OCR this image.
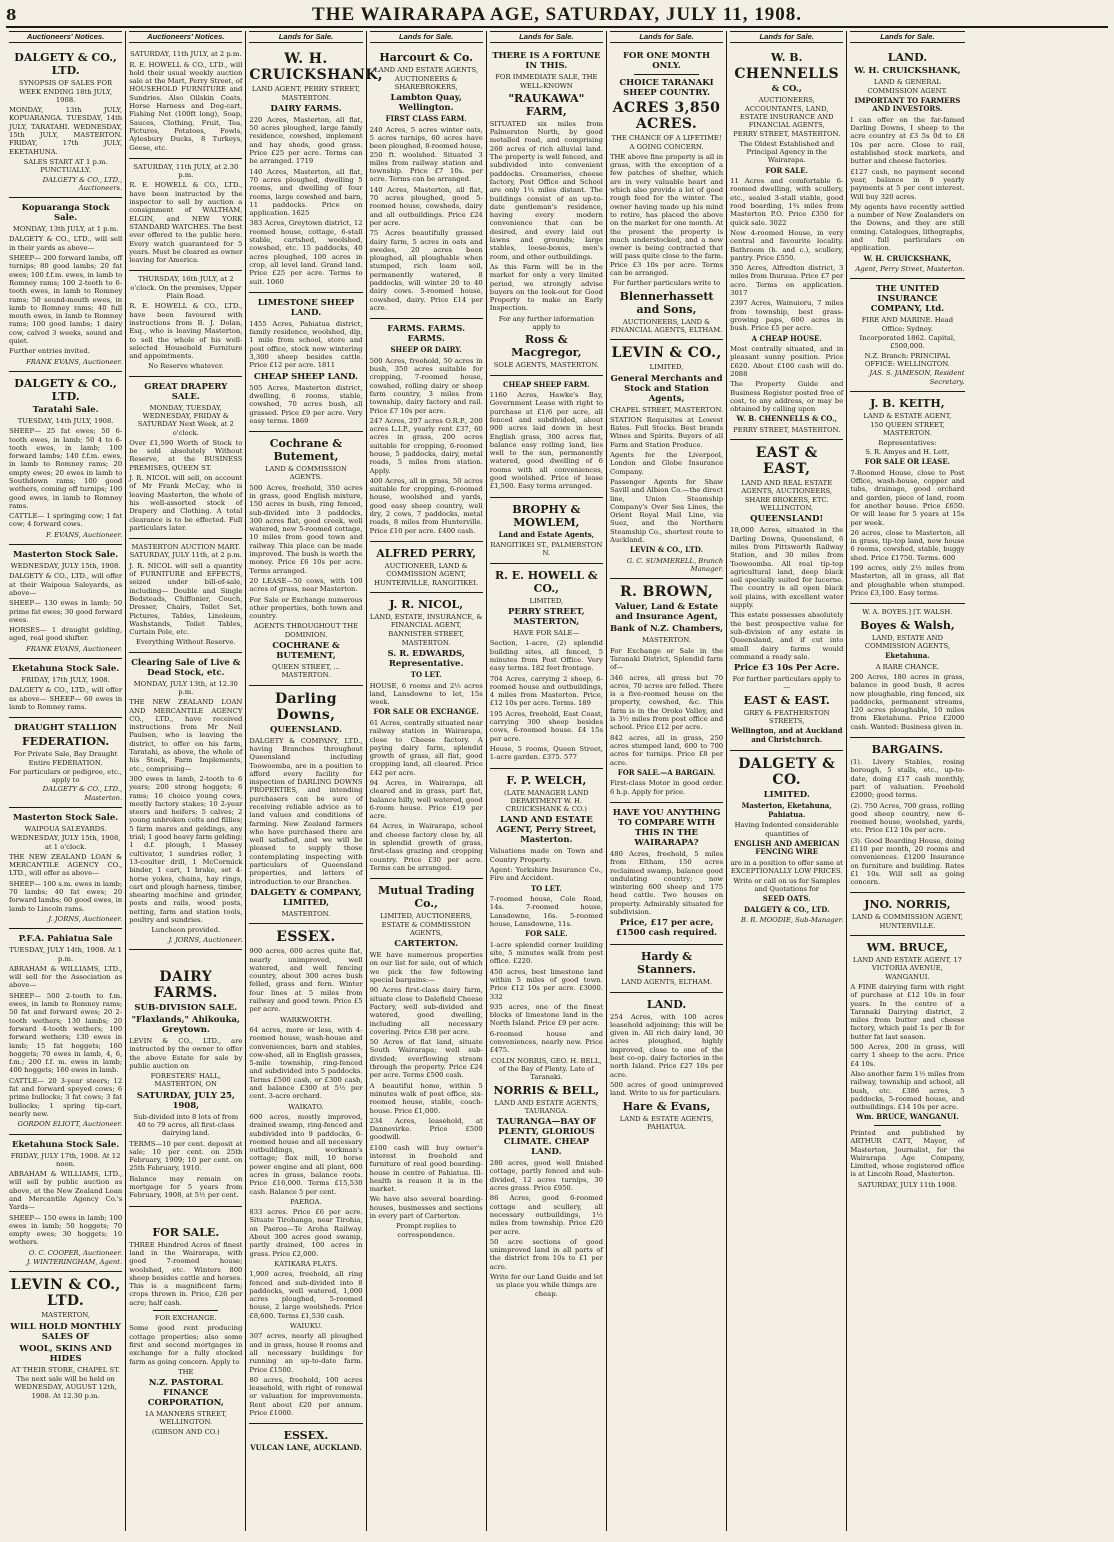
8	THE WAIRARAPA AGE, SATURDAY, JULY 11, 1908.
Auctioneers' Notices.
DALGETY & CO., LTD.
SYNOPSIS OF SALES FOR WEEK ENDING 18th JULY, 1908.
MONDAY, 13th JULY, KOPUARANGA. TUESDAY, 14th JULY, TARATAHI. WEDNESDAY, 15th JULY, MASTERTON. FRIDAY, 17th JULY, EKETAHUNA.
SALES START AT 1 p.m. PUNCTUALLY.
DALGETY & CO., LTD., Auctioneers.
Kopuaranga Stock Sale.
MONDAY, 13th JULY, at 1 p.m.
DALGETY & CO., LTD., will sell in their yards as above—
SHEEP— 200 forward lambs, off turnips; 80 good lambs; 20 fat ewes; 100 f.f.m. ewes, in lamb to Romney rams; 100 2-tooth to 6-tooth ewes, in lamb to Romney rams; 50 sound-mouth ewes, in lamb to Romney rams; 40 full mouth ewes, in lamb to Romney rams; 100 good lambs; 1 dairy cow, calved 3 weeks, sound and quiet.
Further entries invited.
FRANK EVANS, Auctioneer.
DALGETY & CO., LTD.
Taratahi Sale.
TUESDAY, 14th JULY, 1908.
SHEEP— 25 fat ewes; 50 6-tooth ewes, in lamb; 50 4 to 6-tooth ewes, in lamb; 100 forward lambs; 140 f.f.m. ewes, in lamb to Romney rams; 20 empty ewes; 20 ewes in lamb to Southdown rams; 100 good wethers, coming off turnips; 100 good ewes, in lamb to Romney rams.
CATTLE— 1 springing cow; 1 fat cow; 4 forward cows.
F. EVANS, Auctioneer.
Masterton Stock Sale.
WEDNESDAY, JULY 15th, 1908.
DALGETY & CO., LTD., will offer at their Waipoua Saleyards, as above—
SHEEP— 130 ewes in lamb; 50 prime fat ewes; 30 good forward ewes.
HORSES— 1 draught gelding, aged, real good shifter.
FRANK EVANS, Auctioneer.
Eketahuna Stock Sale.
FRIDAY, 17th JULY, 1908.
DALGETY & CO., LTD., will offer as above— SHEEP— 60 ewes in lamb to Romney rams.
DRAUGHT STALLION
FEDERATION.
For Private Sale, Bay Draught Entire FEDERATION.
For particulars or pedigree, etc., apply to
DALGETY & CO., LTD., Masterton.
Masterton Stock Sale.
WAIPOUA SALEYARDS.
WEDNESDAY, JULY 15th, 1908, at 1 o'clock.
THE NEW ZEALAND LOAN & MERCANTILE AGENCY CO., LTD., will offer as above—
SHEEP— 100 s.m. ewes in lamb; 70 lambs; 40 fat ewes; 20 forward lambs; 60 good ewes, in lamb to Lincoln rams.
J. JORNS, Auctioneer.
P.F.A. Pahiatua Sale
TUESDAY, JULY 14th, 1908. At 1 p.m.
ABRAHAM & WILLIAMS, LTD., will sell for the Association as above—
SHEEP— 500 2-tooth to f.m. ewes, in lamb to Romney rams; 50 fat and forward ewes; 20 2-tooth wethers; 130 lambs; 20 forward 4-tooth wethers; 100 forward wethers; 130 ewes in lamb; 15 fat hoggets; 160 hoggets; 70 ewes in lamb, 4, 6, f.m.; 200 f.f. m. ewes in lamb; 400 hoggets; 160 ewes in lamb.
CATTLE— 20 3-year steers; 12 fat and forward speyed cows; 6 prime bullocks; 3 fat cows; 3 fat bullocks; 1 spring tip-cart, nearly new.
GORDON ELIOTT, Auctioneer.
Eketahuna Stock Sale.
FRIDAY, JULY 17th, 1908. At 12 noon.
ABRAHAM & WILLIAMS, LTD., will sell by public auction as above, at the New Zealand Loan and Mercantile Agency Co.'s Yards—
SHEEP— 150 ewes in lamb; 100 ewes in lamb; 50 hoggets; 70 empty ewes; 30 hoggets; 10 wethers.
O. C. COOPER, Auctioneer.
J. WINTERINGHAM, Agent.
LEVIN & CO., LTD.
MASTERTON,
WILL HOLD MONTHLY SALES OF
WOOL, SKINS AND HIDES
AT THEIR STORE, CHAPEL ST.
The next sale will be held on WEDNESDAY, AUGUST 12th, 1908. At 12.30 p.m.
Auctioneers' Notices.
SATURDAY, 11th JULY, at 2 p.m.
R. E. HOWELL & CO., LTD., will hold their usual weekly auction sale at the Mart, Perry Street, of HOUSEHOLD FURNITURE and Sundries. Also Oilskin Coats, Horse Harness and Dog-cart, Fishing Net (100ft long), Soap, Sauces, Clothing, Fruit, Tea, Pictures, Potatoes, Fowls, Aylesbury Ducks, 8 Turkeys, Geese, etc.
SATURDAY, 11th JULY, at 2.30 p.m.
R. E. HOWELL & CO., LTD., have been instructed by the inspector to sell by auction a consignment of WALTHAM, ELGIN, and NEW YORK STANDARD WATCHES. The best ever offered to the public here. Every watch guaranteed for 5 years. Must be cleared as owner leaving for America.
THURSDAY, 16th JULY, at 2 o'clock. On the premises, Upper Plain Road.
R. E. HOWELL & CO., LTD., have been favoured with instructions from B. J. Dolan, Esq., who is leaving Masterton, to sell the whole of his well-selected Household Furniture and appointments.
No Reserve whatever.
GREAT DRAPERY SALE.
MONDAY, TUESDAY, WEDNESDAY, FRIDAY & SATURDAY Next Week, at 2 o'clock.
Over £1,590 Worth of Stock to be sold absolutely Without Reserve, at the BUSINESS PREMISES, QUEEN ST.
J. R. NICOL will sell, on account of Mr Frank McCay, who is leaving Masterton, the whole of his well-assorted stock of Drapery and Clothing. A total clearance is to be effected. Full particulars later.
MASTERTON AUCTION MART. SATURDAY, JULY 11th, at 2 p.m.
J. R. NICOL will sell a quantity of FURNITURE and EFFECTS, seized under bill-of-sale, including— Double and Single Bedsteads, Chiffonier, Couch, Dresser, Chairs, Toilet Set, Pictures, Tables, Linoleum, Washstands, Toilet Tables, Curtain Pole, etc.
Everything Without Reserve.
Clearing Sale of Live & Dead Stock, etc.
MONDAY, JULY 13th, at 12.30 p.m.
THE NEW ZEALAND LOAN AND MERCANTILE AGENCY CO., LTD., have received instructions from Mr Neil Paulsen, who is leaving the district, to offer on his farm, Taratahi, as above, the whole of his Stock, Farm Implements, etc., comprising—
300 ewes in lamb, 2-tooth to 6 years; 200 strong hoggets; 6 rams; 16 choice young cows, mostly factory stakes; 10 2-year steers and heifers; 5 calves; 2 young unbroken colts and fillies; 5 farm mares and geldings, any trial; 1 good heavy farm gelding; 1 d.f. plough, 1 Massey cultivator, 1 sundries roller, 1 13-coulter drill, 1 McCormick binder, 1 cart, 1 brake, set 4-horse yokes, chains, hay rings, cart and plough harness, timber, shearing machine and grinder, posts and rails, wood posts, netting, farm and station tools, poultry and sundries.
Luncheon provided.
J. JORNS, Auctioneer.
DAIRY FARMS.
SUB-DIVISION SALE.
"Flaxlands," Ahikouka, Greytown.
LEVIN & CO., LTD., are instructed by the owner to offer the above Estate for sale by public auction on
FORESTERS' HALL, MASTERTON, ON
SATURDAY, JULY 25, 1908,
Sub-divided into 8 lots of from 40 to 79 acres, all first-class dairying land.
TERMS—10 per cent. deposit at sale; 10 per cent. on 25th February, 1909; 10 per cent. on 25th February, 1910.
Balance may remain on mortgage for 5 years from February, 1908, at 5½ per cent.
FOR SALE.
THREE Hundred Acres of finest land in the Wairarapa, with good 7-roomed house; woolshed, etc. Winters 800 sheep besides cattle and horses. This is a magnificent farm; crops thrown in. Price, £26 per acre; half cash.
FOR EXCHANGE.
Some good rent producing cottage properties; also some first and second mortgages in exchange for a fully stocked farm as going concern. Apply to
THE
N.Z. PASTORAL FINANCE CORPORATION,
1A MANNERS STREET, WELLINGTON.
(GIBSON AND CO.)
Lands for Sale.
W. H. CRUICKSHANK,
LAND AGENT, PERRY STREET, MASTERTON.
DAIRY FARMS.
220 Acres, Masterton, all flat, 50 acres ploughed, large family residence, cowshed, implement and hay sheds, good grass. Price £25 per acre. Terms can be arranged. 1719
140 Acres, Masterton, all flat, 70 acres ploughed, dwelling 5 rooms, and dwelling of four rooms, large cowshed and barn, 11 paddocks. Price on application. 1625
383 Acres, Greytown district, 12 roomed house, cottage, 6-stall stable, cartshed, woolshed, cowshed, etc. 15 paddocks, 40 acres ploughed, 100 acres in crop, all level land. Grand land. Price £25 per acre. Terms to suit. 1060
LIMESTONE SHEEP LAND.
1455 Acres, Pahiatua district, family residence, woolshed, dip, 1 mile from school, store and post office, stock now wintering 3,300 sheep besides cattle. Price £12 per acre. 1811
CHEAP SHEEP LAND.
505 Acres, Masterton district, dwelling, 6 rooms, stable, cowshed, 70 acres bush, all grassed. Price £9 per acre. Very easy terms. 1869
Cochrane & Butement,
LAND & COMMISSION AGENTS.
500 Acres, freehold, 350 acres in grass, good English mixture, 150 acres in bush, ring fenced, sub-divided into 3 paddocks, 300 acres flat, good creek, well watered, new 5-roomed cottage, 10 miles from good town and railway. This place can be made improved. The bush is worth the money. Price £6 10s per acre. Terms arranged.
20 LEASE—50 cows, with 100 acres of grass, near Masterton.
For Sale or Exchange numerous other properties, both town and country.
AGENTS THROUGHOUT THE DOMINION.
COCHRANE & BUTEMENT,
QUEEN STREET, ... MASTERTON.
Darling Downs,
QUEENSLAND.
DALGETY & COMPANY, LTD., having Branches throughout Queensland including Toowoomba, are in a position to afford every facility for inspection of DARLING DOWNS PROPERTIES, and intending purchasers can be sure of receiving reliable advice as to land values and conditions of farming. New Zealand farmers who have purchased there are well satisfied, and we will be pleased to supply those contemplating inspecting with particulars of Queensland properties, and letters of introduction to our Branches.
DALGETY & COMPANY, LIMITED,
MASTERTON.
ESSEX.
900 acres, 600 acres quite flat, nearly unimproved, well watered, and well fencing country, about 300 acres bush felled, grass and fern. Winter four lines at 5 miles from railway and good town. Price £5 per acre.
WARKWORTH.
64 acres, more or less, with 4-roomed house, wash-house and conveniences, barn and stables, cow-shed, all in English grasses, 5-mile township, ring-fenced and subdivided into 5 paddocks. Terms £500 cash, or £300 cash, and balance £300 at 5½ per cent. 3-acre orchard.
WAIKATO.
600 acres, mostly improved, drained swamp, ring-fenced and subdivided into 9 paddocks, 6-roomed house and all necessary outbuildings, workman's cottage; flax mill, 10 horse power engine and all plant, 600 acres in grass, balance roots. Price £16,000. Terms £15,530 cash. Balance 5 per cent.
PAEROA.
833 acres. Price £6 per acre. Situate Tirohanga, near Tirohia, on Paeroa—Te Aroha Railway. About 300 acres good swamp, partly drained, 100 acres in grass. Price £2,000.
KATIKARA FLATS.
1,900 acres, freehold, all ring fenced and sub-divided into 8 paddocks, well watered, 1,000 acres ploughed, 5-roomed house, 2 large woolsheds. Price £8,600. Terms £1,530 cash.
WAIUKU.
307 acres, nearly all ploughed and in grass, house 8 rooms and all necessary buildings for running an up-to-date farm. Price £1500.
80 acres, freehold, 100 acres leasehold, with right of renewal or valuation for improvements. Rent about £20 per annum. Price £1000.
ESSEX.
VULCAN LANE, AUCKLAND.
Lands for Sale.
Harcourt & Co.
LAND AND ESTATE AGENTS, AUCTIONEERS & SHAREBROKERS,
Lambton Quay, Wellington.
FIRST CLASS FARM.
240 Acres, 5 acres winter oats, 5 acres turnips, 60 acres have been ploughed, 8-roomed house, 250 ft. woolshed. Situated 3 miles from railway station and township. Price £7 10s. per acre. Terms can be arranged.
140 Acres, Masterton, all flat, 70 acres ploughed, good 5-roomed house, cowsheds, dairy and all outbuildings. Price £24 per acre.
75 Acres beautifully grassed dairy farm, 5 acres in oats and swedes, 20 acres been ploughed, all ploughable when stumped, rich loam soil, permanently watered, 8 paddocks, will winter 20 to 40 dairy cows. 5-roomed house, cowshed, dairy. Price £14 per acre.
FARMS. FARMS. FARMS.
SHEEP OR DAIRY.
500 Acres, freehold, 50 acres in bush, 350 acres suitable for cropping, 7-roomed house, cowshed, rolling dairy or sheep farm country, 3 miles from township, dairy factory and rail. Price £7 10s per acre.
247 Acres, 297 acres O.R.P., 200 acres L.I.P., yearly rent £37, 60 acres in grass, 200 acres suitable for cropping, 6-roomed house, 5 paddocks, dairy, metal roads, 5 miles from station. Apply.
400 Acres, all in grass, 50 acres suitable for cropping, 6-roomed house, woolshed and yards, good easy sheep country, well dry, 2 cows, 7 paddocks, metal roads, 8 miles from Hunterville. Price £10 per acre. £400 cash.
ALFRED PERRY,
AUCTIONEER, LAND & COMMISSION AGENT, HUNTERVILLE, RANGITIKEI.
J. R. NICOL,
LAND, ESTATE, INSURANCE, & FINANCIAL AGENT,
BANNISTER STREET, MASTERTON.
S. R. EDWARDS, Representative.
TO LET.
HOUSE, 6 rooms and 2½ acres land, Lansdowne to let, 15s week.
FOR SALE OR EXCHANGE.
61 Acres, centrally situated near railway station in Wairarapa, close to Cheese factory. A paying dairy farm, splendid growth of grass, all flat, good cropping land, all cleared. Price £42 per acre.
94 Acres, in Wairarapa, all cleared and in grass, part flat, balance hilly, well watered, good 6-room house. Price £19 per acre.
64 Acres, in Wairarapa, school and cheese factory close by, all in splendid growth of grass, first-class grazing and cropping country. Price £30 per acre. Terms can be arranged.
Mutual Trading Co.,
LIMITED, AUCTIONEERS, ESTATE & COMMISSION AGENTS,
CARTERTON.
WE have numerous properties on our list for sale, out of which we pick the few following special bargains:—
90 Acres first-class dairy farm, situate close to Dalefield Cheese Factory, well sub-divided and watered, good dwelling, including all necessary covering. Price £38 per acre.
50 Acres of flat land, situate South Wairarapa; well sub-divided; everflowing stream through the property. Price £24 per acre. Terms £500 cash.
A beautiful home, within 5 minutes walk of post office, six-roomed house, stable, coach-house. Price £1,000.
234 Acres, leasehold, at Dannevirke. Price £500 goodwill.
£100 cash will buy owner's interest in freehold and furniture of real good boarding-house in centre of Pahiatua. Ill-health is reason it is in the market.
We have also several boarding-houses, businesses and sections in every part of Carterton.
Prompt replies to correspondence.
Lands for Sale.
THERE IS A FORTUNE IN THIS.
FOR IMMEDIATE SALE, THE WELL-KNOWN
"RAUKAWA" FARM,
SITUATED six miles from Palmerston North, by good metalled road, and comprising 260 acres of rich alluvial land. The property is well fenced, and subdivided into convenient paddocks. Creameries, cheese factory, Post Office and School are only 1¼ miles distant. The buildings consist of an up-to-date gentleman's residence, having every modern convenience that can be desired, and every laid out lawns and grounds; large stables, loose-boxes, men's room, and other outbuildings.
As this Farm will be in the market for only a very limited period, we strongly advise buyers on the look-out for Good Property to make an Early Inspection.
For any further information apply to
Ross & Macgregor,
SOLE AGENTS, MASTERTON.
CHEAP SHEEP FARM.
1160 Acres, Hawke's Bay, Government Lease with right to purchase at £1/6 per acre, all fenced and subdivided, about 900 acres laid down in best English grass, 300 acres flat, balance easy rolling land, lies well to the sun, permanently watered, good dwelling of 6 rooms with all conveniences, good woolshed. Price of lease £1,500. Easy terms arranged.
BROPHY & MOWLEM,
Land and Estate Agents,
RANGITIKEI ST., PALMERSTON N.
R. E. HOWELL & CO.,
LIMITED,
PERRY STREET, MASTERTON,
HAVE FOR SALE—
Section, 1-acre, (2) splendid building sites, all fenced, 5 minutes from Post Office. Very easy terms. 182 feet frontage.
704 Acres, carrying 2 sheep, 6-roomed house and outbuildings, 4 miles from Masterton. Price, £12 10s per acre. Terms. 189
195 Acres, freehold, East Coast, carrying 300 sheep besides cows, 6-roomed house. £4 15s per acre.
House, 5 rooms, Queen Street, 1-acre garden. £375. 577
F. P. WELCH,
(LATE MANAGER LAND DEPARTMENT W. H. CRUICKSHANK & CO.)
LAND AND ESTATE AGENT, Perry Street, Masterton.
Valuations made on Town and Country Property.
Agent: Yorkshire Insurance Co., Fire and Accident.
TO LET.
7-roomed house, Cole Road, 14s. 7-roomed house, Lansdowne, 16s. 5-roomed house, Lansdowne, 11s.
FOR SALE.
1-acre splendid corner building site, 5 minutes walk from post office. £220.
450 acres, best limestone land within 5 miles of good town. Price £12 10s per acre. £3000. 332
935 acres, one of the finest blocks of limestone land in the North Island. Price £9 per acre.
6-roomed house and conveniences, nearly new. Price £475.
COLIN NORRIS, GEO. H. BELL, of the Bay of Plenty. Late of Taranaki.
NORRIS & BELL,
LAND AND ESTATE AGENTS, TAURANGA.
TAURANGA—BAY OF PLENTY, GLORIOUS CLIMATE. CHEAP LAND.
280 acres, good well finished cottage, partly fenced and sub-divided, 12 acres turnips, 30 acres grass. Price £950.
86 Acres, good 6-roomed cottage and scullery, all necessary outbuildings, 1½ miles from township. Price £20 per acre.
50 acre sections of good unimproved land in all parts of the district from 10s to £1 per acre.
Write for our Land Guide and let us place you while things are cheap.
Lands for Sale.
FOR ONE MONTH ONLY.
CHOICE TARANAKI SHEEP COUNTRY.
ACRES 3,850 ACRES.
THE CHANCE OF A LIFETIME! A GOING CONCERN.
THE above fine property is all in grass, with the exception of a few patches of shelter, which are in very valuable heart and which also provide a lot of good rough feed for the winter. The owner having made up his mind to retire, has placed the above on the market for one month. At the present the property is much understocked, and a new owner is being contracted that will pass quite close to the farm. Price £3 10s per acre. Terms can be arranged.
For further particulars write to
Blennerhassett and Sons,
AUCTIONEERS, LAND & FINANCIAL AGENTS, ELTHAM.
LEVIN & CO.,
LIMITED,
General Merchants and Stock and Station Agents,
CHAPEL STREET, MASTERTON.
STATION Requisites at Lowest Rates. Full Stocks. Best brands Wines and Spirits. Buyers of all Farm and Station Produce.
Agents for the Liverpool, London and Globe Insurance Company.
Passenger Agents for Shaw Savill and Albion Co.—the direct line, Union Steamship Company's Over Sea Lines, the Orient Royal Mail Line, via Suez, and the Northern Steamship Co., shortest route to Auckland.
LEVIN & CO., LTD.
G. C. SUMMERELL, Branch Manager.
R. BROWN,
Valuer, Land & Estate and Insurance Agent,
Bank of N.Z. Chambers,
MASTERTON.
For Exchange or Sale in the Taranaki District, Splendid farm of—
346 acres, all grass but 70 acres, 70 acres are felled. There is a five-roomed house on the property, cowshed, &c. This farm is in the Oroko Valley, and is 3½ miles from post office and school. Price £12 per acre.
842 acres, all in grass, 250 acres stumped land, 600 to 700 acres for turnips. Price £8 per acre.
FOR SALE.—A BARGAIN.
First-class Motor in good order. 6 h.p. Apply for price.
HAVE YOU ANYTHING TO COMPARE WITH THIS IN THE WAIRARAPA?
480 Acres, freehold, 5 miles from Eltham, 150 acres reclaimed swamp, balance good undulating country; now wintering 600 sheep and 175 head cattle. Two houses on property. Admirably situated for subdivision.
Price, £17 per acre, £1500 cash required.
Hardy & Stanners.
LAND AGENTS, ELTHAM.
LAND.
254 Acres, with 100 acres leasehold adjoining; this will be given in. All rich dairy land, 30 acres ploughed, highly improved, close to one of the best co-op. dairy factories in the north Island. Price £27 10s per acre.
500 acres of good unimproved land. Write to us for particulars.
Hare & Evans,
LAND & ESTATE AGENTS, PAHIATUA.
Lands for Sale.
W. B.
CHENNELLS
& CO.,
AUCTIONEERS, ACCOUNTANTS, LAND, ESTATE INSURANCE AND FINANCIAL AGENTS,
PERRY STREET, MASTERTON.
The Oldest Established and Principal Agency in the Wairarapa.
FOR SALE.
11 Acres and comfortable 6-roomed dwelling, with scullery, etc., sealed 3-stall stable, good rood boarding, 1¾ miles from Masterton P.O. Price £350 for quick sale. 3022
New 4-roomed House, in very central and favourite locality. Bathroom (h. and c.), scullery, pantry. Price £550.
350 Acres, Alfredton district, 3 miles from Ihuraua. Price £7 per acre. Terms on application. 3017
2397 Acres, Wainuioru, 7 miles from township, best grass-growing paps, 600 acres in bush. Price £5 per acre.
A CHEAP HOUSE.
Most centrally situated, and in pleasant sunny position. Price £620. About £100 cash will do. 2088
The Property Guide and Business Register posted free of cost, to any address, or may be obtained by calling upon
W. B. CHENNELLS & CO.,
PERRY STREET, MASTERTON.
EAST & EAST,
LAND AND REAL ESTATE AGENTS, AUCTIONEERS, SHARE BROKERS, ETC. WELLINGTON.
QUEENSLAND!
18,000 Acres, situated in the Darling Downs, Queensland, 6 miles from Pittsworth Railway Station, and 30 miles from Toowoomba. All real tip-top agricultural land, deep black soil specially suited for lucerne. The country is all open black soil plains, with excellent water supply.
This estate possesses absolutely the best prospective value for sub-division of any estate in Queensland, and if cut into small dairy farms would command a ready sale.
Price £3 10s Per Acre.
For further particulars apply to—
EAST & EAST.
GREY & FEATHERSTON STREETS,
Wellington, and at Auckland and Christchurch.
DALGETY & CO.
LIMITED.
Masterton, Eketahuna, Pahiatua.
Having Indented considerable quantities of
ENGLISH AND AMERICAN FENCING WIRE
are in a position to offer same at EXCEPTIONALLY LOW PRICES.
Write or call on us for Samples and Quotations for
SEED OATS.
DALGETY & CO., LTD.
B. R. MOODIE, Sub-Manager.
Lands for Sale.
LAND.
W. H. CRUICKSHANK,
LAND & GENERAL COMMISSION AGENT.
IMPORTANT TO FARMERS AND INVESTORS.
I can offer on the far-famed Darling Downs, I sheep to the acre country at £3 5s 0d to £8 10s per acre. Close to rail, established stock markets, and butter and cheese factories.
£127 cash, no payment second year, balance in 9 yearly payments at 5 per cent interest. Will buy 320 acres.
My agents have recently settled a number of New Zealanders on the Downs, and they are still coming. Catalogues, lithographs, and full particulars on application.
W. H. CRUICKSHANK,
Agent, Perry Street, Masterton.
THE UNITED INSURANCE COMPANY, Ltd.
FIRE AND MARINE. Head Office: Sydney.
Incorporated 1862. Capital, £500,000.
N.Z. Branch: PRINCIPAL OFFICE: WELLINGTON.
JAS. S. JAMESON, Resident Secretary.
J. B. KEITH,
LAND & ESTATE AGENT,
150 QUEEN STREET, MASTERTON.
Representatives:
S. R. Amyes and H. Lett,
FOR SALE OR LEASE.
7-Roomed House, close to Post Office, wash-house, copper and tubs, drainage, good orchard and garden, piece of land, room for another house. Price £650. Or will lease for 5 years at 15s per week.
26 acres, close to Masterton, all in grass, tip-top land, new house 6 rooms, cowshed, stable, buggy shed. Price £1750. Terms. 600
199 acres, only 2½ miles from Masterton, all in grass, all flat and ploughable when stumped. Price £3,100. Easy terms.
W. A. BOYES.] [T. WALSH.
Boyes & Walsh,
LAND, ESTATE AND COMMISSION AGENTS,
Eketahuna.
A RARE CHANCE.
200 Acres, 180 acres in grass, balance in good bush, 8 acres now ploughable, ring fenced, six paddocks, permanent streams, 120 acres ploughable, 10 miles from Eketahuna. Price £2000 cash. Wanted: Business given in.
BARGAINS.
(1). Livery Stables, rosing borough, 5 stalls, etc., up-to-date, doing £17 cash monthly, part of valuation. Freehold £2000; good terms.
(2). 750 Acres, 700 grass, rolling good sheep country, new 6-roomed house, woolshed, yards, etc. Price £12 10s per acre.
(3). Good Boarding House, doing £110 per month, 20 rooms and conveniences. £1200 Insurance on furniture and building. Rates £1 10s. Will sell as going concern.
JNO. NORRIS,
LAND & COMMISSION AGENT, HUNTERVILLE.
WM. BRUCE,
LAND AND ESTATE AGENT, 17 VICTORIA AVENUE, WANGANUI.
A FINE dairying farm with right of purchase at £12 10s in four years. In the centre of a Taranaki Dairying district, 2 miles from butter and cheese factory, which paid 1s per lb for butter fat last season.
500 Acres, 200 in grass, will carry 1 sheep to the acre. Price £4 10s.
Also another farm 1½ miles from railway, township and school, all bush, etc. £386 acres, 5 paddocks, 5-roomed house, and outbuildings. £14 10s per acre.
Wm. BRUCE, WANGANUI.
Printed and published by ARTHUR CATT, Mayor, of Masterton, Journalist, for the Wairarapa Age Company, Limited, whose registered office is at Lincoln Road, Masterton.
SATURDAY, JULY 11th 1908.
